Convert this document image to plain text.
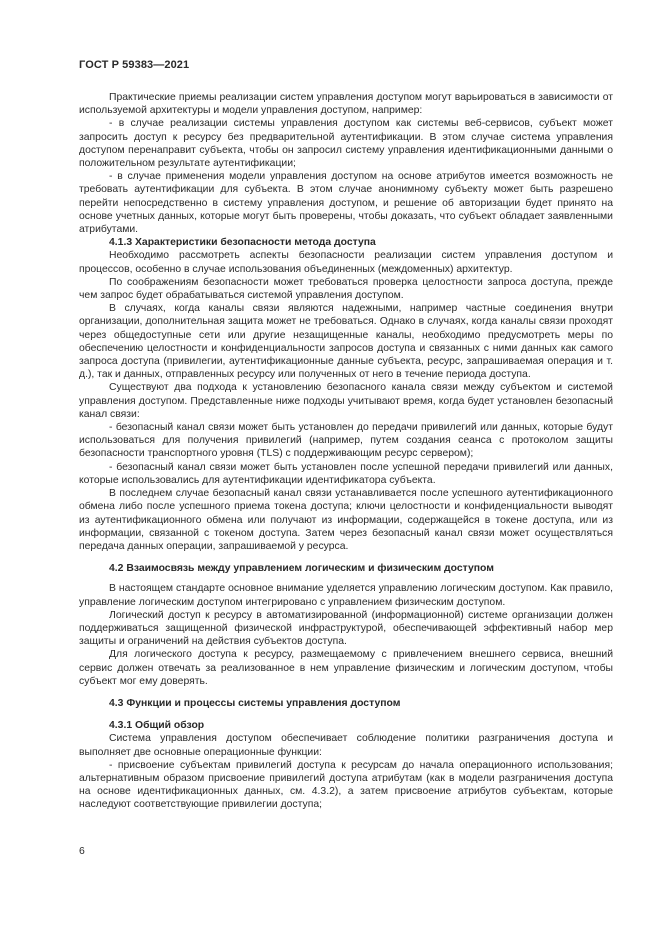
ГОСТ Р 59383—2021

Практические приемы реализации систем управления доступом могут варьироваться в зависимости от используемой архитектуры и модели управления доступом, например:

- в случае реализации системы управления доступом как системы веб-сервисов, субъект может запросить доступ к ресурсу без предварительной аутентификации. В этом случае система управления доступом перенаправит субъекта, чтобы он запросил систему управления идентификационными данными о положительном результате аутентификации;

- в случае применения модели управления доступом на основе атрибутов имеется возможность не требовать аутентификации для субъекта. В этом случае анонимному субъекту может быть разрешено перейти непосредственно в систему управления доступом, и решение об авторизации будет принято на основе учетных данных, которые могут быть проверены, чтобы доказать, что субъект обладает заявленными атрибутами.

4.1.3 Характеристики безопасности метода доступа

Необходимо рассмотреть аспекты безопасности реализации систем управления доступом и процессов, особенно в случае использования объединенных (междоменных) архитектур.

По соображениям безопасности может требоваться проверка целостности запроса доступа, прежде чем запрос будет обрабатываться системой управления доступом.

В случаях, когда каналы связи являются надежными, например частные соединения внутри организации, дополнительная защита может не требоваться. Однако в случаях, когда каналы связи проходят через общедоступные сети или другие незащищенные каналы, необходимо предусмотреть меры по обеспечению целостности и конфиденциальности запросов доступа и связанных с ними данных как самого запроса доступа (привилегии, аутентификационные данные субъекта, ресурс, запрашиваемая операция и т. д.), так и данных, отправленных ресурсу или полученных от него в течение периода доступа.

Существуют два подхода к установлению безопасного канала связи между субъектом и системой управления доступом. Представленные ниже подходы учитывают время, когда будет установлен безопасный канал связи:

- безопасный канал связи может быть установлен до передачи привилегий или данных, которые будут использоваться для получения привилегий (например, путем создания сеанса с протоколом защиты безопасности транспортного уровня (TLS) с поддерживающим ресурс сервером);

- безопасный канал связи может быть установлен после успешной передачи привилегий или данных, которые использовались для аутентификации идентификатора субъекта.

В последнем случае безопасный канал связи устанавливается после успешного аутентификационного обмена либо после успешного приема токена доступа; ключи целостности и конфиденциальности выводят из аутентификационного обмена или получают из информации, содержащейся в токене доступа, или из информации, связанной с токеном доступа. Затем через безопасный канал связи может осуществляться передача данных операции, запрашиваемой у ресурса.

4.2 Взаимосвязь между управлением логическим и физическим доступом

В настоящем стандарте основное внимание уделяется управлению логическим доступом. Как правило, управление логическим доступом интегрировано с управлением физическим доступом.

Логический доступ к ресурсу в автоматизированной (информационной) системе организации должен поддерживаться защищенной физической инфраструктурой, обеспечивающей эффективный набор мер защиты и ограничений на действия субъектов доступа.

Для логического доступа к ресурсу, размещаемому с привлечением внешнего сервиса, внешний сервис должен отвечать за реализованное в нем управление физическим и логическим доступом, чтобы субъект мог ему доверять.

4.3 Функции и процессы системы управления доступом

4.3.1 Общий обзор

Система управления доступом обеспечивает соблюдение политики разграничения доступа и выполняет две основные операционные функции:

- присвоение субъектам привилегий доступа к ресурсам до начала операционного использования; альтернативным образом присвоение привилегий доступа атрибутам (как в модели разграничения доступа на основе идентификационных данных, см. 4.3.2), а затем присвоение атрибутов субъектам, которые наследуют соответствующие привилегии доступа;

6
